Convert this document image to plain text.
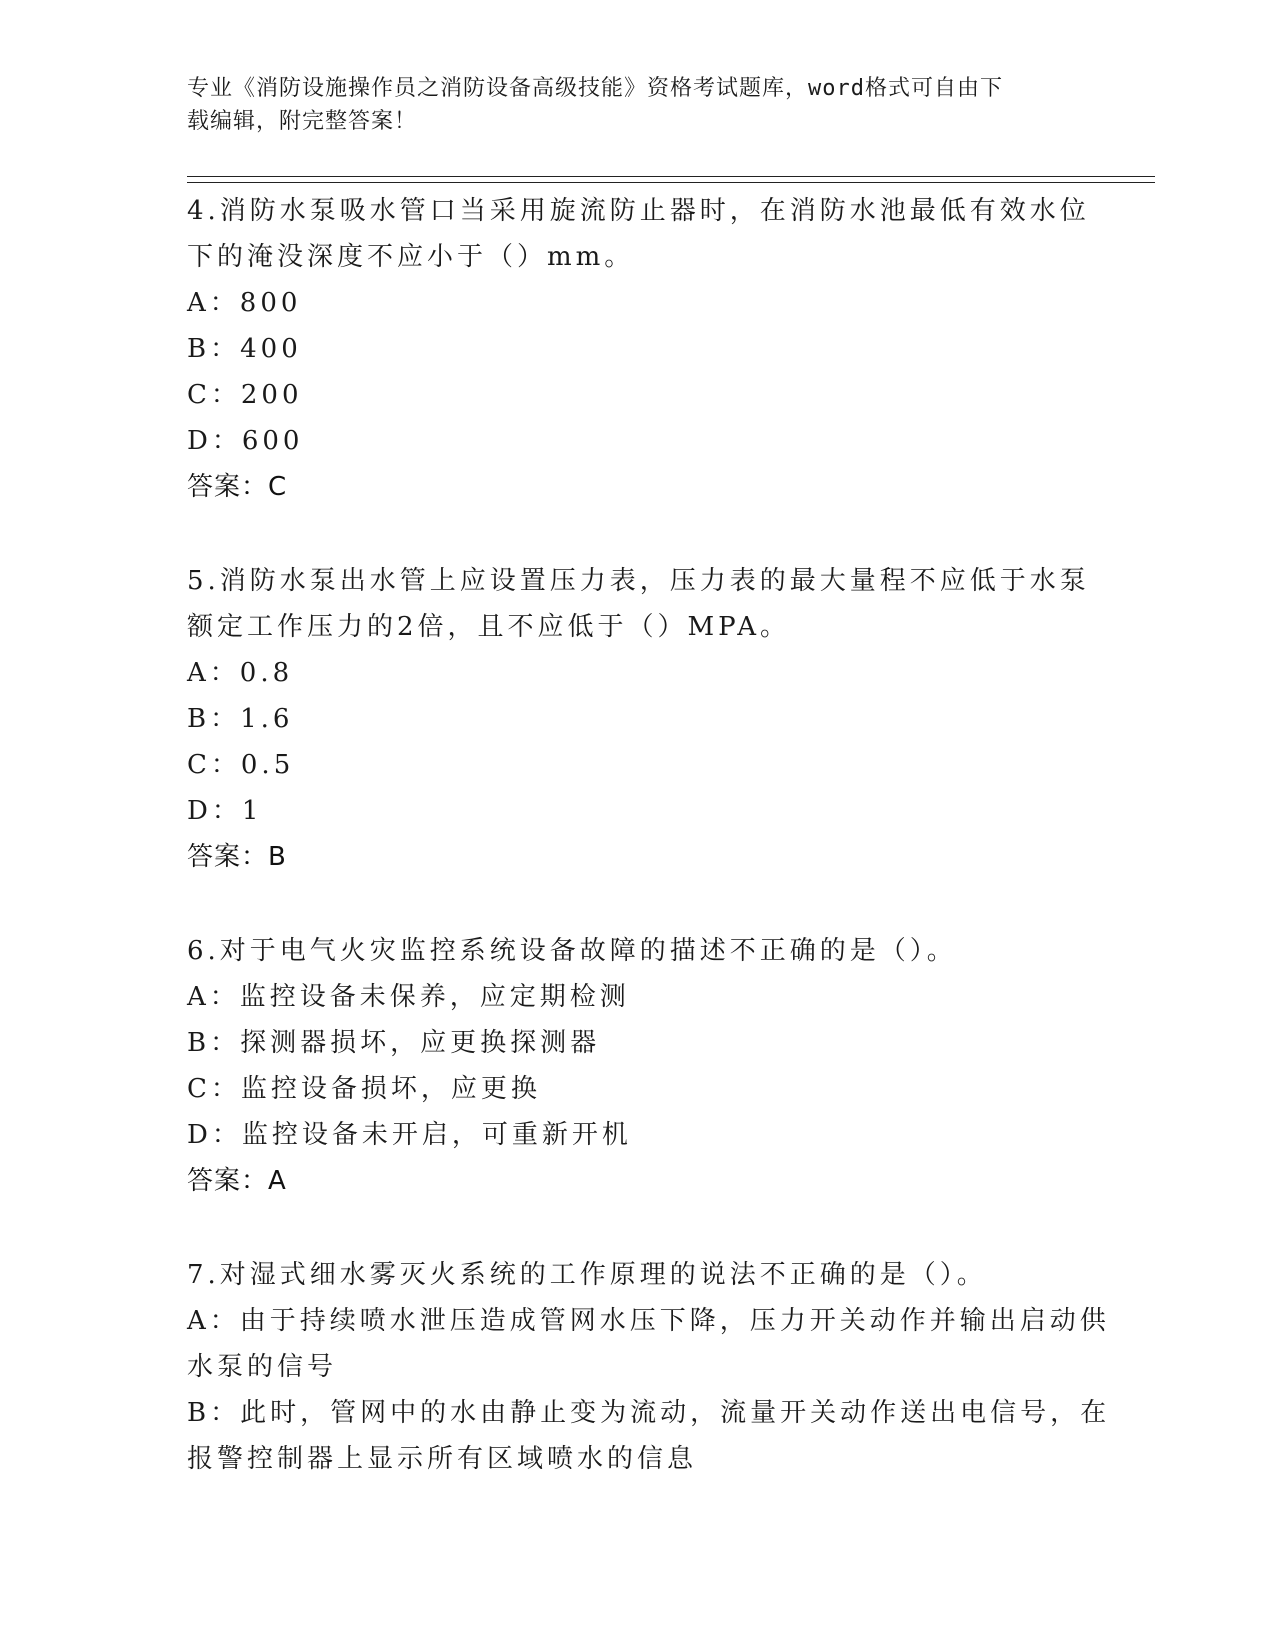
专业《消防设施操作员之消防设备高级技能》资格考试题库，word格式可自由下
载编辑，附完整答案！
4.消防水泵吸水管口当采用旋流防止器时，在消防水池最低有效水位
下的淹没深度不应小于（）mm。
A：800
B：400
C：200
D：600
答案：C
5.消防水泵出水管上应设置压力表，压力表的最大量程不应低于水泵
额定工作压力的2倍，且不应低于（）MPA。
A：0.8
B：1.6
C：0.5
D：1
答案：B
6.对于电气火灾监控系统设备故障的描述不正确的是（）。
A：监控设备未保养，应定期检测
B：探测器损坏，应更换探测器
C：监控设备损坏，应更换
D：监控设备未开启，可重新开机
答案：A
7.对湿式细水雾灭火系统的工作原理的说法不正确的是（）。
A：由于持续喷水泄压造成管网水压下降，压力开关动作并输出启动供
水泵的信号
B：此时，管网中的水由静止变为流动，流量开关动作送出电信号，在
报警控制器上显示所有区域喷水的信息
